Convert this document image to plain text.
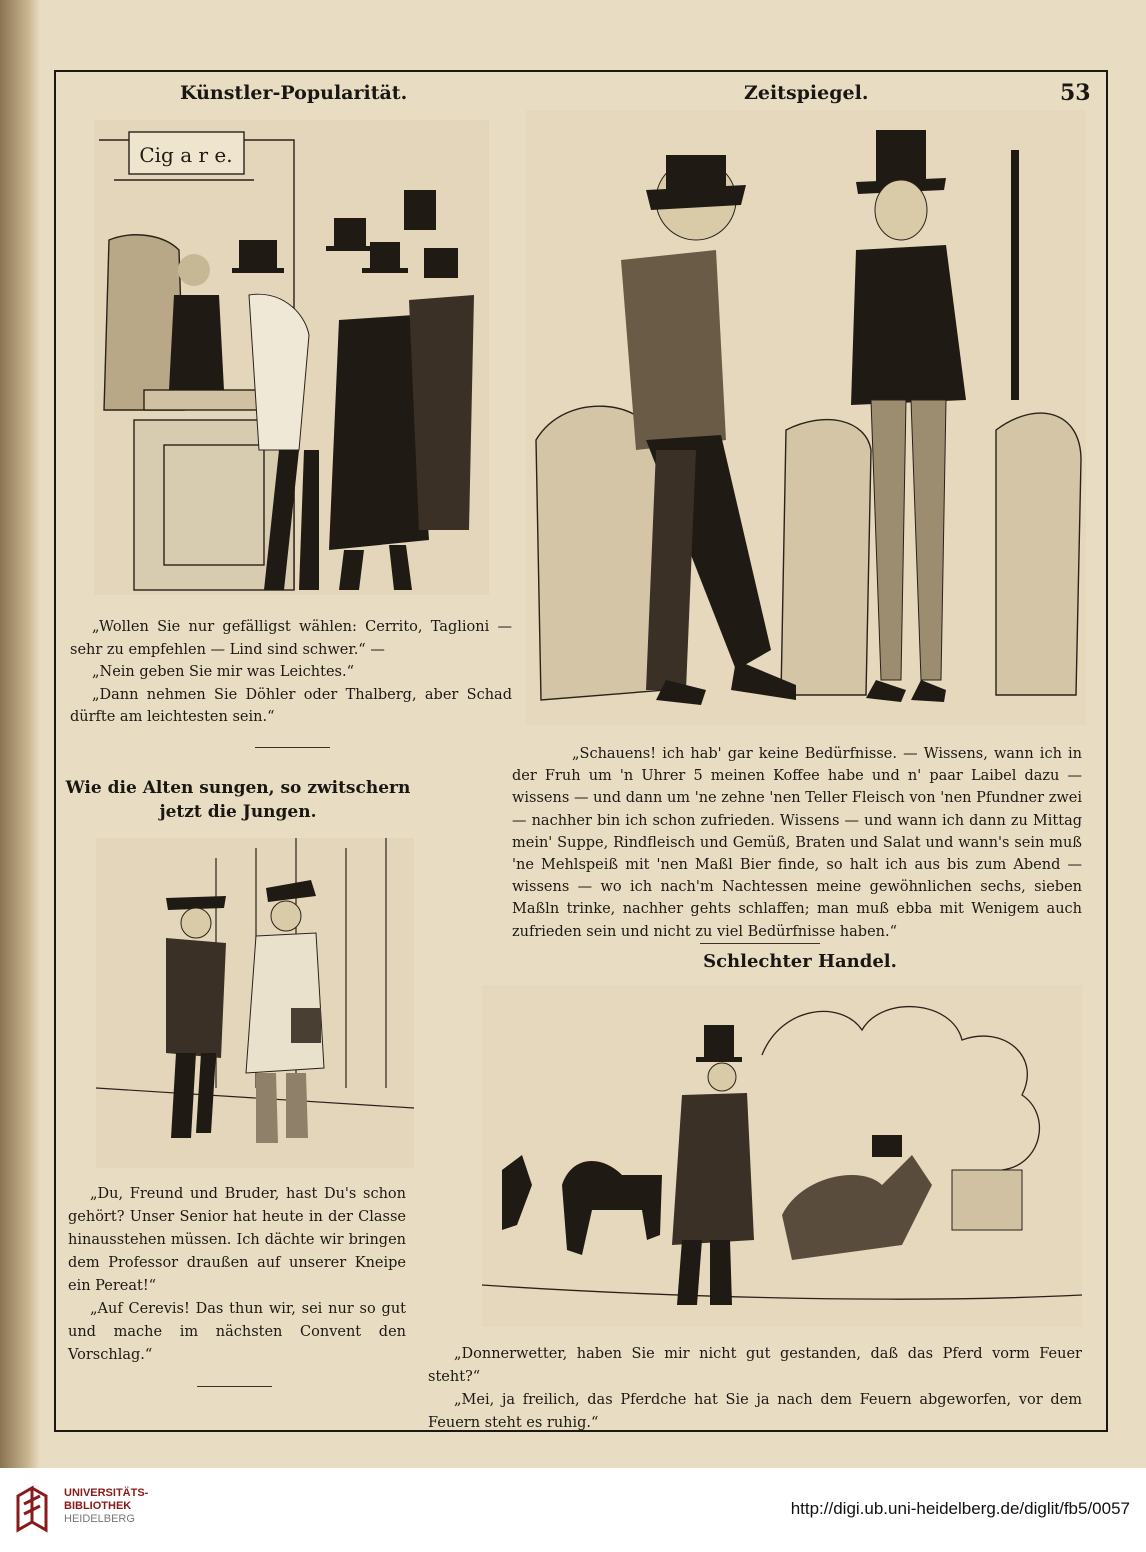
Künstler-Popularität.	Zeitspiegel.	53
Cig a r e.

„Wollen Sie nur gefälligst wählen: Cerrito, Taglioni — sehr zu empfehlen — Lind sind schwer.“ —

„Nein geben Sie mir was Leichtes.“

„Dann nehmen Sie Döhler oder Thalberg, aber Schad dürfte am leichtesten sein.“

„Schauens! ich hab' gar keine Bedürfnisse. — Wissens, wann ich in der Fruh um 'n Uhrer 5 meinen Koffee habe und n' paar Laibel dazu — wissens — und dann um 'ne zehne 'nen Teller Fleisch von 'nen Pfundner zwei — nachher bin ich schon zufrieden. Wissens — und wann ich dann zu Mittag mein' Suppe, Rindfleisch und Gemüß, Braten und Salat und wann's sein muß 'ne Mehlspeiß mit 'nen Maßl Bier finde, so halt ich aus bis zum Abend — wissens — wo ich nach'm Nachtessen meine gewöhnlichen sechs, sieben Maßln trinke, nachher gehts schlaffen; man muß ebba mit Wenigem auch zufrieden sein und nicht zu viel Bedürfnisse haben.“

Wie die Alten sungen, so zwitschern jetzt die Jungen.

„Du, Freund und Bruder, hast Du's schon gehört? Unser Senior hat heute in der Classe hinausstehen müssen. Ich dächte wir bringen dem Professor draußen auf unserer Kneipe ein Pereat!“

„Auf Cerevis! Das thun wir, sei nur so gut und mache im nächsten Convent den Vorschlag.“

Schlechter Handel.

„Donnerwetter, haben Sie mir nicht gut gestanden, daß das Pferd vorm Feuer steht?“

„Mei, ja freilich, das Pferdche hat Sie ja nach dem Feuern abgeworfen, vor dem Feuern steht es ruhig.“

UNIVERSITÄTS-
BIBLIOTHEK
HEIDELBERG
http://digi.ub.uni-heidelberg.de/diglit/fb5/0057
